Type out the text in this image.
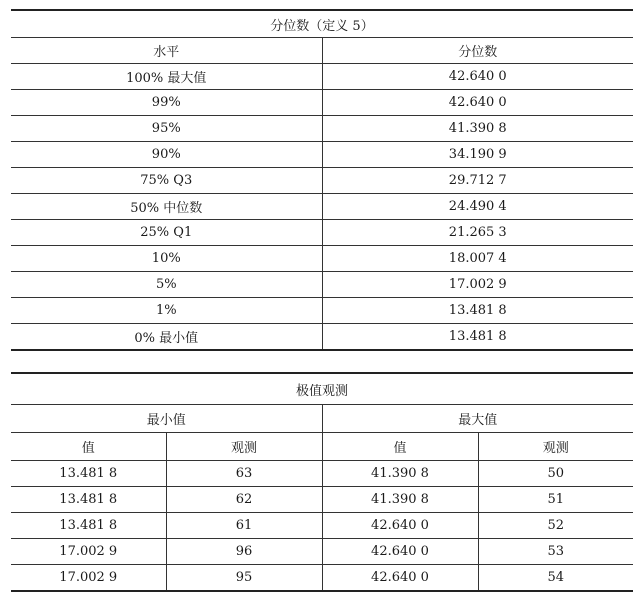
分位数（定义 5）	
水平	分位数
100% 最大值	42.640 0
99%	42.640 0
95%	41.390 8
90%	34.190 9
75% Q3	29.712 7
50% 中位数	24.490 4
25% Q1	21.265 3
10%	18.007 4
5%	17.002 9
1%	13.481 8
0% 最小值	13.481 8
极值观测			
最小值		最大值	
值	观测	值	观测
13.481 8	63	41.390 8	50
13.481 8	62	41.390 8	51
13.481 8	61	42.640 0	52
17.002 9	96	42.640 0	53
17.002 9	95	42.640 0	54
